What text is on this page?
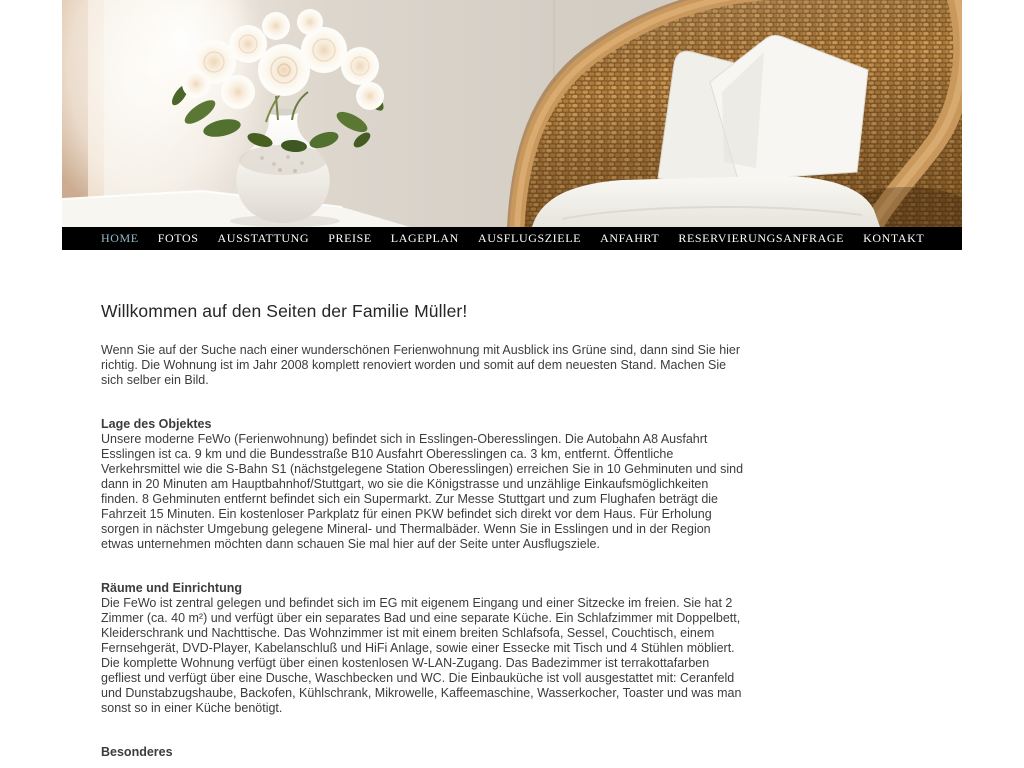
HOME FOTOS AUSSTATTUNG PREISE LAGEPLAN AUSFLUGSZIELE ANFAHRT RESERVIERUNGSANFRAGE KONTAKT
Willkommen auf den Seiten der Familie Müller!

Wenn Sie auf der Suche nach einer wunderschönen Ferienwohnung mit Ausblick ins Grüne sind, dann sind Sie hier richtig. Die Wohnung ist im Jahr 2008 komplett renoviert worden und somit auf dem neuesten Stand. Machen Sie sich selber ein Bild.

Lage des Objektes

Unsere moderne FeWo (Ferienwohnung) befindet sich in Esslingen-Oberesslingen. Die Autobahn A8 Ausfahrt Esslingen ist ca. 9 km und die Bundesstraße B10 Ausfahrt Oberesslingen ca. 3 km, entfernt. Öffentliche Verkehrsmittel wie die S-Bahn S1 (nächstgelegene Station Oberesslingen) erreichen Sie in 10 Gehminuten und sind dann in 20 Minuten am Hauptbahnhof/Stuttgart, wo sie die Königstrasse und unzählige Einkaufsmöglichkeiten finden. 8 Gehminuten entfernt befindet sich ein Supermarkt. Zur Messe Stuttgart und zum Flughafen beträgt die Fahrzeit 15 Minuten. Ein kostenloser Parkplatz für einen PKW befindet sich direkt vor dem Haus. Für Erholung sorgen in nächster Umgebung gelegene Mineral- und Thermalbäder. Wenn Sie in Esslingen und in der Region etwas unternehmen möchten dann schauen Sie mal hier auf der Seite unter Ausflugsziele.

Räume und Einrichtung

Die FeWo ist zentral gelegen und befindet sich im EG mit eigenem Eingang und einer Sitzecke im freien. Sie hat 2 Zimmer (ca. 40 m²) und verfügt über ein separates Bad und eine separate Küche. Ein Schlafzimmer mit Doppelbett, Kleiderschrank und Nachttische. Das Wohnzimmer ist mit einem breiten Schlafsofa, Sessel, Couchtisch, einem Fernsehgerät, DVD-Player, Kabelanschluß und HiFi Anlage, sowie einer Essecke mit Tisch und 4 Stühlen möbliert. Die komplette Wohnung verfügt über einen kostenlosen W-LAN-Zugang. Das Badezimmer ist terrakottafarben gefliest und verfügt über eine Dusche, Waschbecken und WC. Die Einbauküche ist voll ausgestattet mit: Ceranfeld und Dunstabzugshaube, Backofen, Kühlschrank, Mikrowelle, Kaffeemaschine, Wasserkocher, Toaster und was man sonst so in einer Küche benötigt.

Besonderes
